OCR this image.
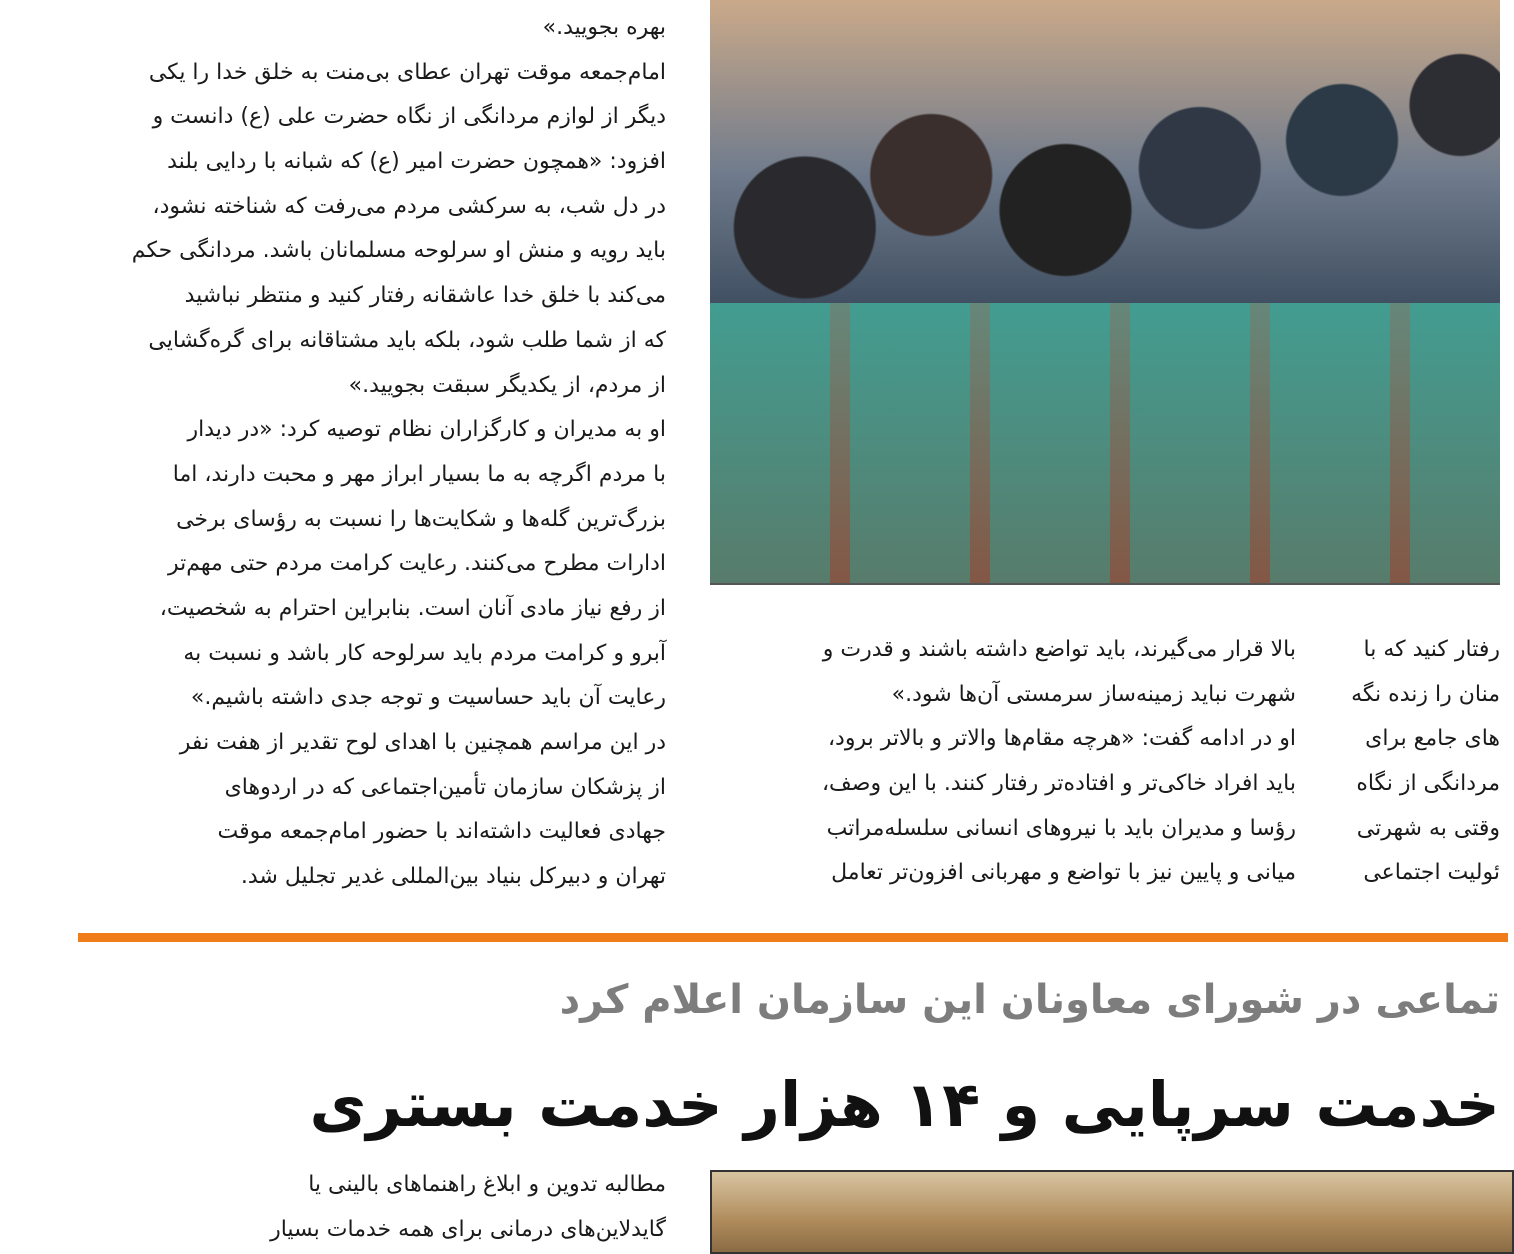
بهره بجویید.»
امام‌جمعه موقت تهران عطای بی‌منت به خلق خدا را یکی
دیگر از لوازم مردانگی از نگاه حضرت علی (ع) دانست و
افزود: «همچون حضرت امیر (ع) که شبانه با ردایی بلند
در دل شب، به سرکشی مردم می‌رفت که شناخته نشود،
باید رویه و منش او سرلوحه مسلمانان باشد. مردانگی حکم
می‌کند با خلق خدا عاشقانه رفتار کنید و منتظر نباشید
که از شما طلب شود، بلکه باید مشتاقانه برای گره‌گشایی
از مردم، از یکدیگر سبقت بجویید.»
او به مدیران و کارگزاران نظام توصیه کرد: «در دیدار
با مردم اگرچه به ما بسیار ابراز مهر و محبت دارند، اما
بزرگ‌ترین گله‌ها و شکایت‌ها را نسبت به رؤسای برخی
ادارات مطرح می‌کنند. رعایت کرامت مردم حتی مهم‌تر
از رفع نیاز مادی آنان است. بنابراین احترام به شخصیت،
آبرو و کرامت مردم باید سرلوحه کار باشد و نسبت به
رعایت آن باید حساسیت و توجه جدی داشته باشیم.»
در این مراسم همچنین با اهدای لوح تقدیر از هفت نفر
از پزشکان سازمان تأمین‌اجتماعی که در اردوهای
جهادی فعالیت داشته‌اند با حضور امام‌جمعه موقت
تهران و دبیرکل بنیاد بین‌المللی غدیر تجلیل شد.
بالا قرار می‌گیرند، باید تواضع داشته باشند و قدرت و
شهرت نباید زمینه‌ساز سرمستی آن‌ها شود.»
او در ادامه گفت: «هرچه مقام‌ها والاتر و بالاتر برود،
باید افراد خاکی‌تر و افتاده‌تر رفتار کنند. با این وصف،
رؤسا و مدیران باید با نیروهای انسانی سلسله‌مراتب
میانی و پایین نیز با تواضع و مهربانی افزون‌تر تعامل
رفتار کنید که با
منان را زنده نگه
های جامع برای
مردانگی از نگاه
وقتی به شهرتی
ئولیت اجتماعی
تماعی در شورای معاونان این سازمان اعلام کرد
خدمت سرپایی و ۱۴ هزار خدمت بستری
مطالبه تدوین و ابلاغ راهنماهای بالینی یا
گایدلاین‌های درمانی برای همه خدمات بسیار
